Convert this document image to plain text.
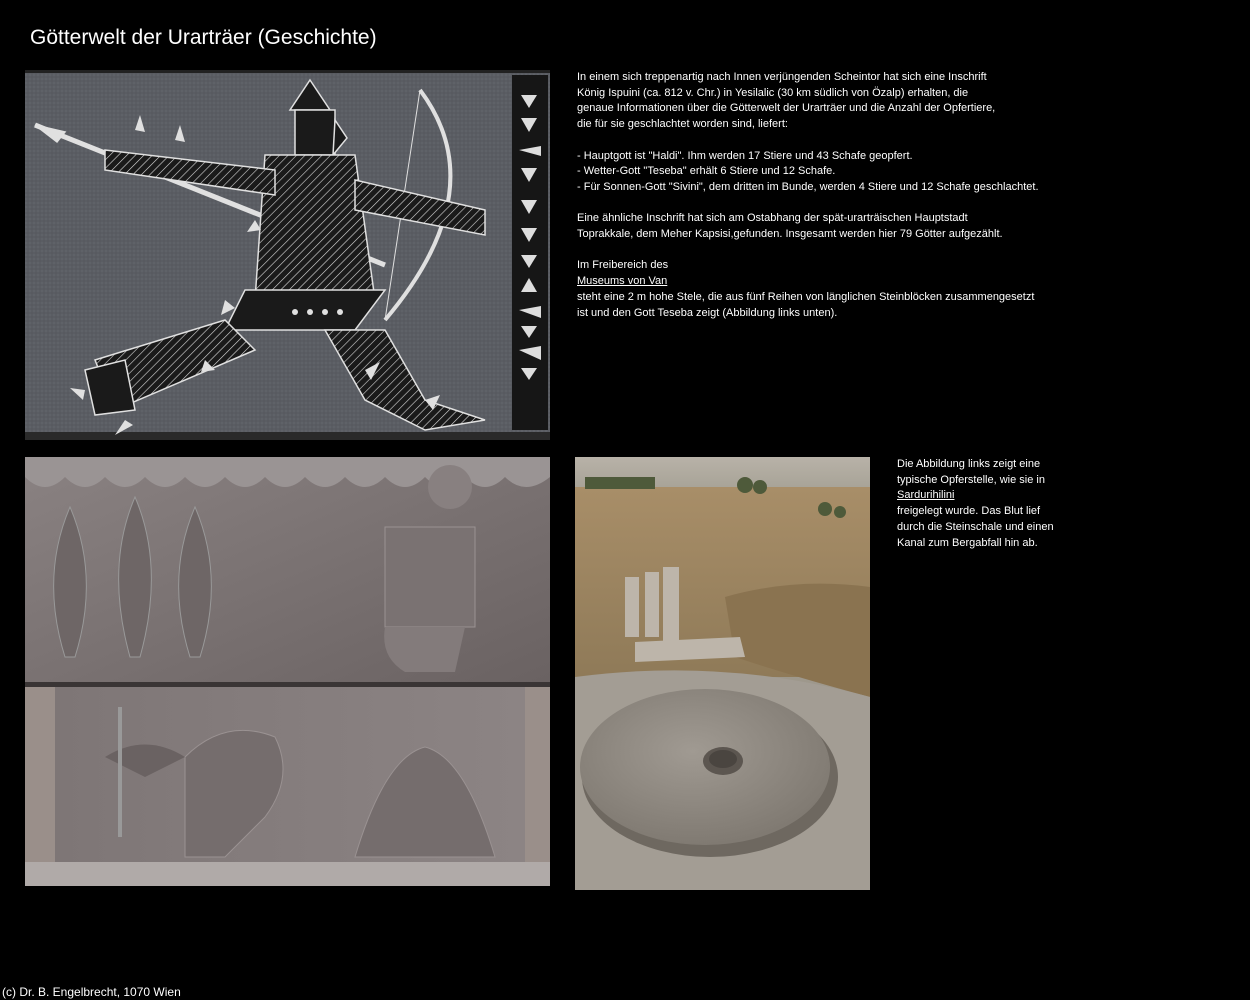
Götterwelt der Urarträer (Geschichte)

In einem sich treppenartig nach Innen verjüngenden Scheintor hat sich eine Inschrift

König Ispuini (ca. 812 v. Chr.) in Yesilalic (30 km südlich von Özalp) erhalten, die

genaue Informationen über die Götterwelt der Urarträer und die Anzahl der Opfertiere,

die für sie geschlachtet worden sind, liefert:

- Hauptgott ist "Haldi". Ihm werden 17 Stiere und 43 Schafe geopfert.

- Wetter-Gott "Teseba" erhält 6 Stiere und 12 Schafe.

- Für Sonnen-Gott "Sivini", dem dritten im Bunde, werden 4 Stiere und 12 Schafe geschlachtet.

Eine ähnliche Inschrift hat sich am Ostabhang der spät-urarträischen Hauptstadt

Toprakkale, dem Meher Kapsisi,gefunden. Insgesamt werden hier 79 Götter aufgezählt.

Im Freibereich des

Museums von Van

steht eine 2 m hohe Stele, die aus fünf Reihen von länglichen Steinblöcken zusammengesetzt

ist und den Gott Teseba zeigt (Abbildung links unten).

Die Abbildung links zeigt eine

typische Opferstelle, wie sie in

Sardurihilini

freigelegt wurde. Das Blut lief

durch die Steinschale und einen

Kanal zum Bergabfall hin ab.

(c) Dr. B. Engelbrecht, 1070 Wien
